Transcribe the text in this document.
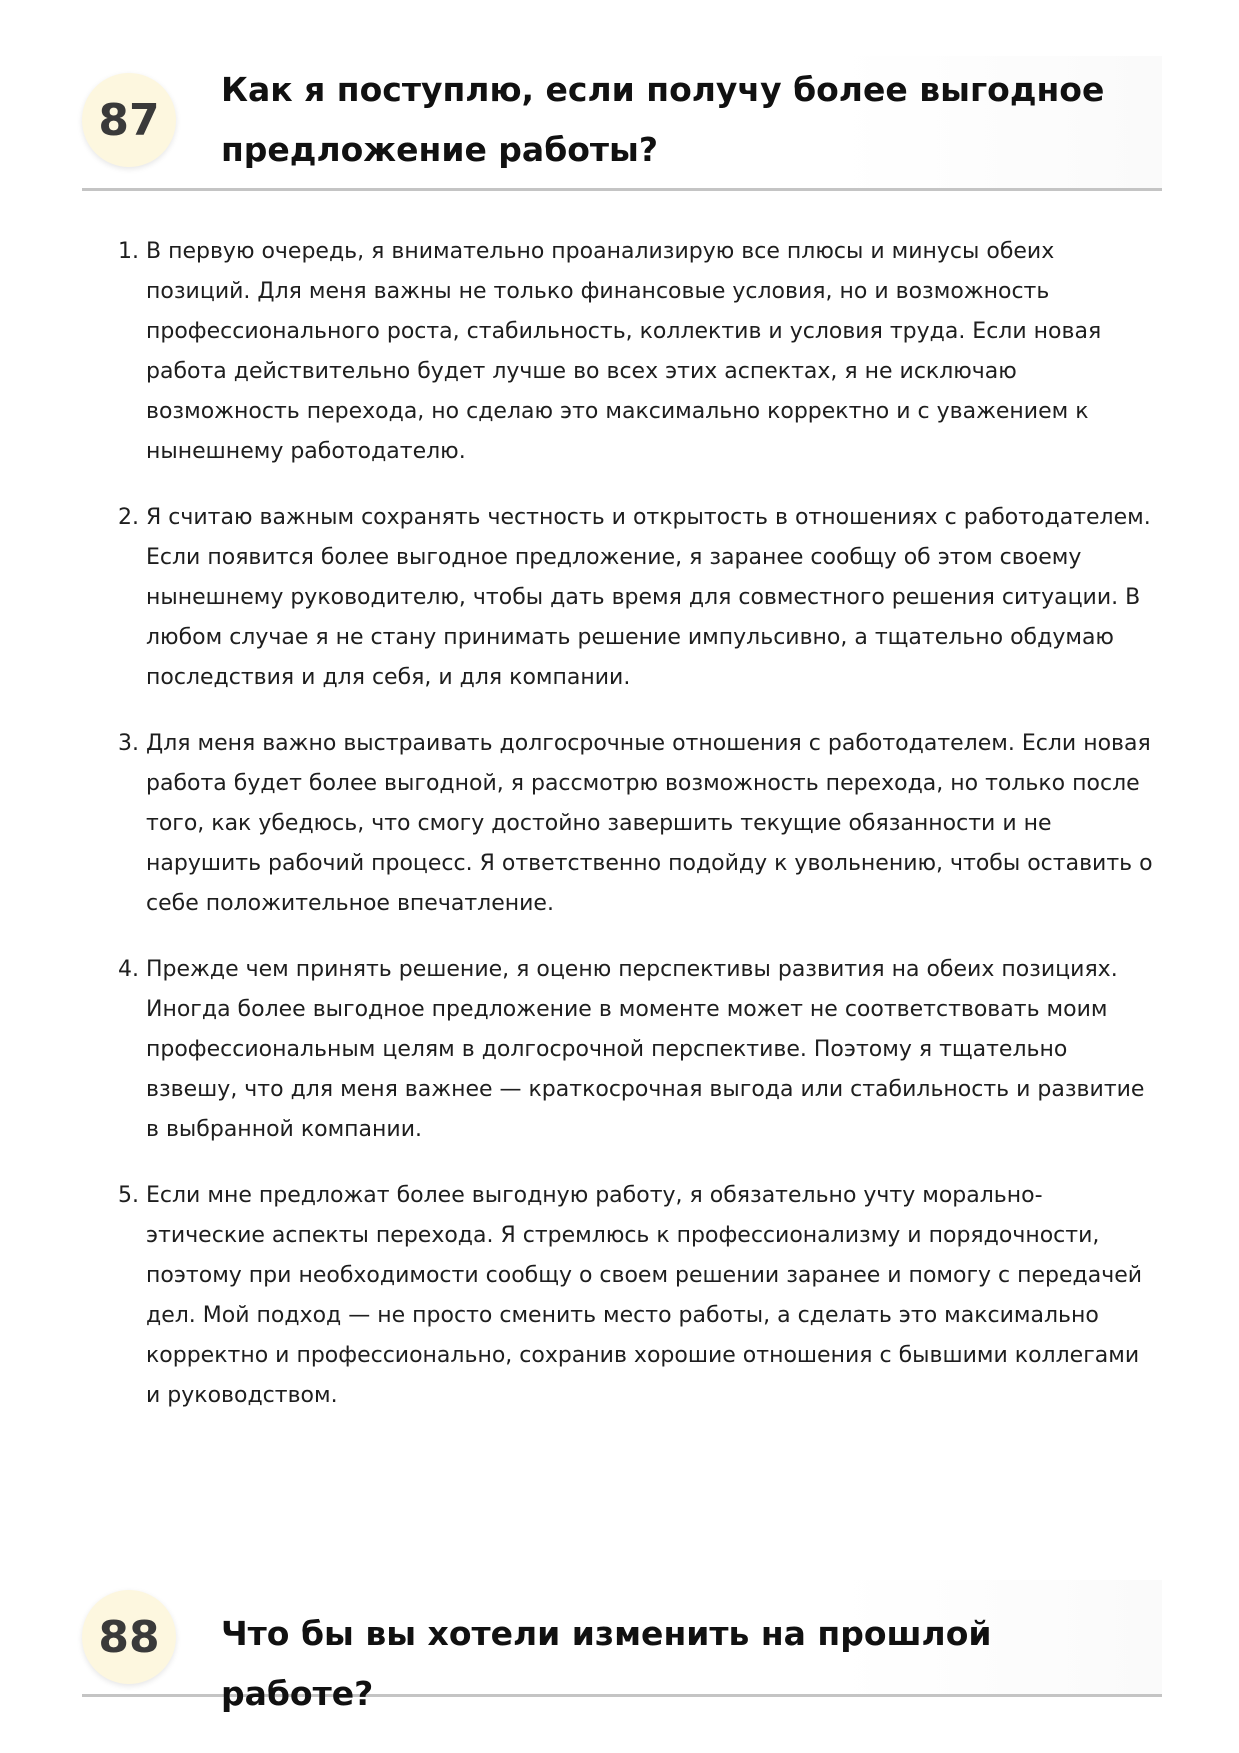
87
Как я поступлю, если получу более выгодное предложение работы?
1. В первую очередь, я внимательно проанализирую все плюсы и минусы обеих позиций. Для меня важны не только финансовые условия, но и возможность профессионального роста, стабильность, коллектив и условия труда. Если новая работа действительно будет лучше во всех этих аспектах, я не исключаю возможность перехода, но сделаю это максимально корректно и с уважением к нынешнему работодателю.
2. Я считаю важным сохранять честность и открытость в отношениях с работодателем. Если появится более выгодное предложение, я заранее сообщу об этом своему нынешнему руководителю, чтобы дать время для совместного решения ситуации. В любом случае я не стану принимать решение импульсивно, а тщательно обдумаю последствия и для себя, и для компании.
3. Для меня важно выстраивать долгосрочные отношения с работодателем. Если новая работа будет более выгодной, я рассмотрю возможность перехода, но только после того, как убедюсь, что смогу достойно завершить текущие обязанности и не нарушить рабочий процесс. Я ответственно подойду к увольнению, чтобы оставить о себе положительное впечатление.
4. Прежде чем принять решение, я оценю перспективы развития на обеих позициях. Иногда более выгодное предложение в моменте может не соответствовать моим профессиональным целям в долгосрочной перспективе. Поэтому я тщательно взвешу, что для меня важнее — краткосрочная выгода или стабильность и развитие в выбранной компании.
5. Если мне предложат более выгодную работу, я обязательно учту морально-этические аспекты перехода. Я стремлюсь к профессионализму и порядочности, поэтому при необходимости сообщу о своем решении заранее и помогу с передачей дел. Мой подход — не просто сменить место работы, а сделать это максимально корректно и профессионально, сохранив хорошие отношения с бывшими коллегами и руководством.
88	Что бы вы хотели изменить на прошлой работе?
